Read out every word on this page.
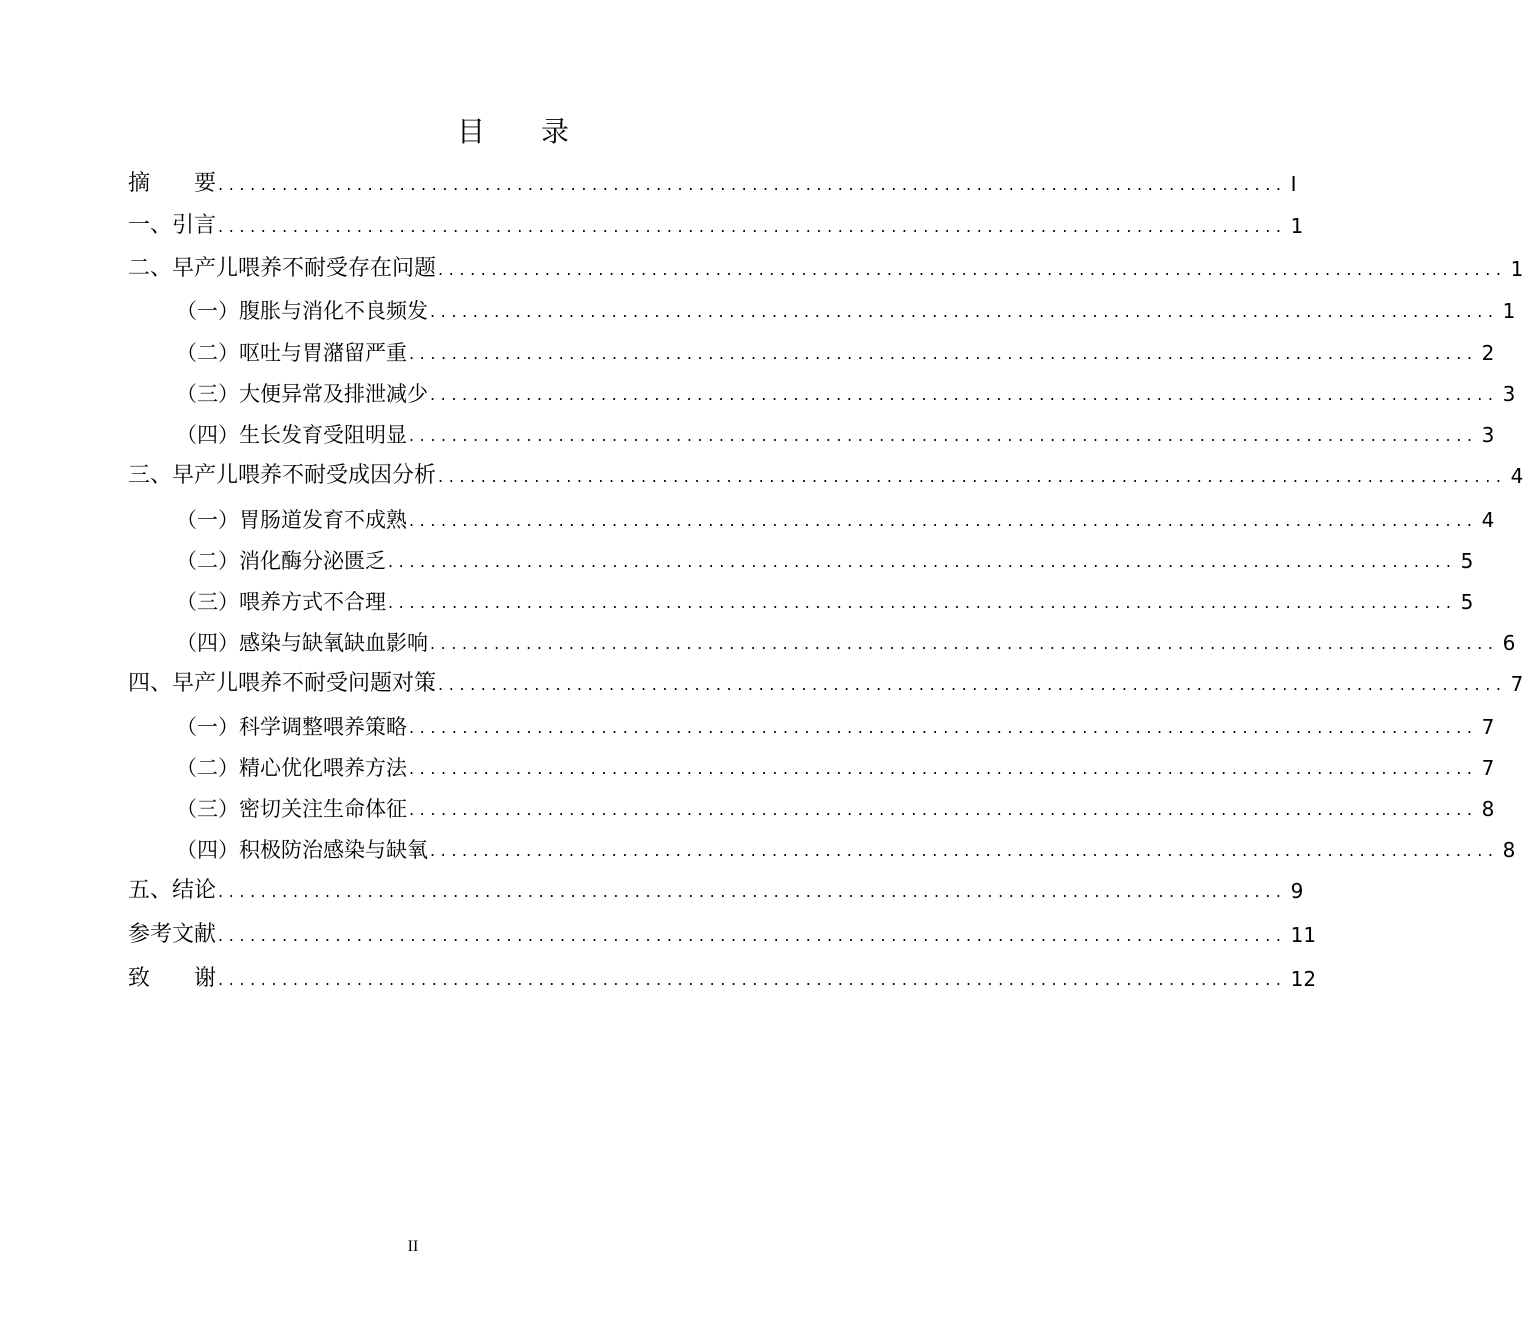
目　　录
摘　　要 .................................................................................................... I
一、引言 .................................................................................................... 1
二、早产儿喂养不耐受存在问题 .................................................................................................... 1
（一）腹胀与消化不良频发 .................................................................................................... 1
（二）呕吐与胃潴留严重 .................................................................................................... 2
（三）大便异常及排泄减少 .................................................................................................... 3
（四）生长发育受阻明显 .................................................................................................... 3
三、早产儿喂养不耐受成因分析 .................................................................................................... 4
（一）胃肠道发育不成熟 .................................................................................................... 4
（二）消化酶分泌匮乏 .................................................................................................... 5
（三）喂养方式不合理 .................................................................................................... 5
（四）感染与缺氧缺血影响 .................................................................................................... 6
四、早产儿喂养不耐受问题对策 .................................................................................................... 7
（一）科学调整喂养策略 .................................................................................................... 7
（二）精心优化喂养方法 .................................................................................................... 7
（三）密切关注生命体征 .................................................................................................... 8
（四）积极防治感染与缺氧 .................................................................................................... 8
五、结论 .................................................................................................... 9
参考文献 .................................................................................................... 11
致　　谢 .................................................................................................... 12
II
